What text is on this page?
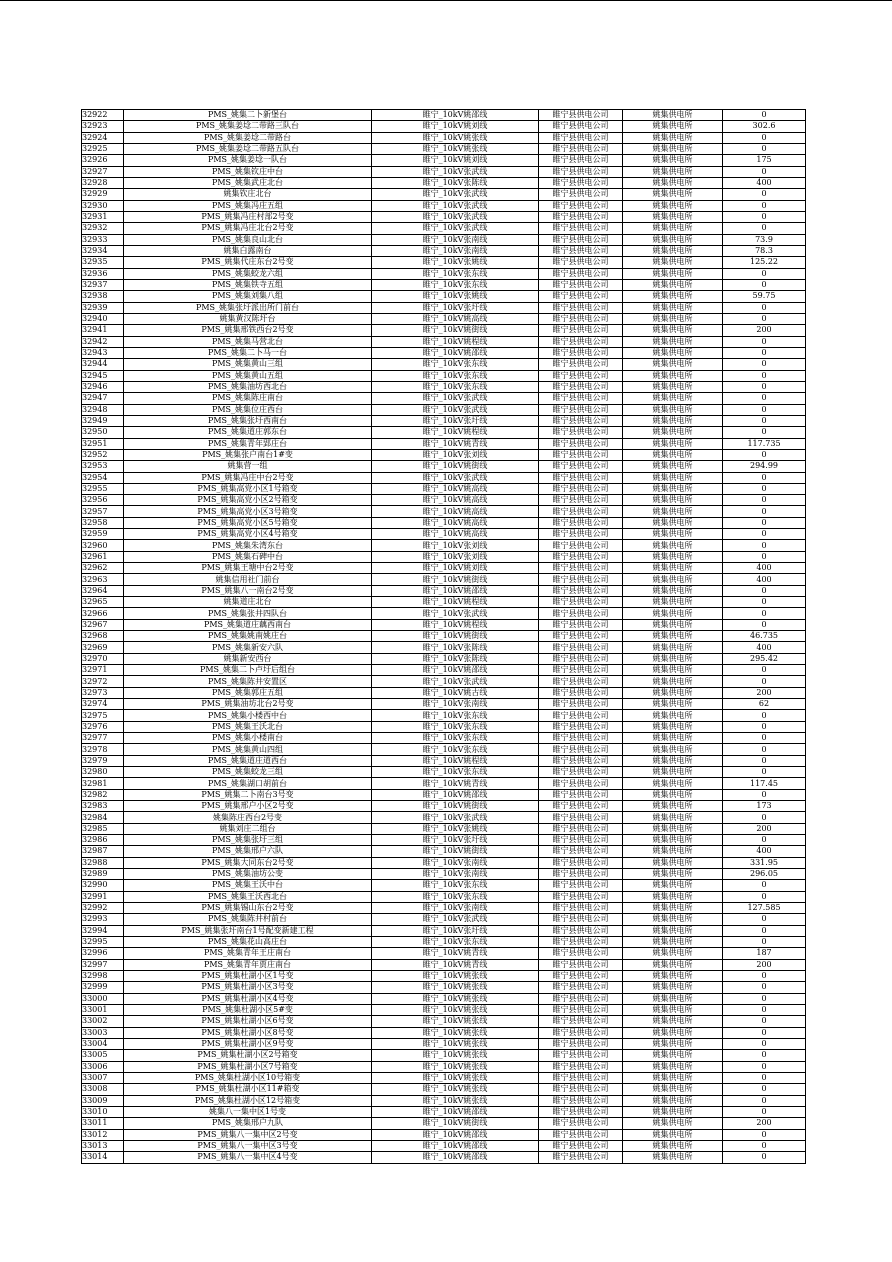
32922	PMS_姚集二卜新堡台	睢宁_10kV姚邵线	睢宁县供电公司	姚集供电所	0
32923	PMS_姚集姜埝二带路三队台	睢宁_10kV姚刘线	睢宁县供电公司	姚集供电所	302.6
32924	PMS_姚集姜埝二带路台	睢宁_10kV姚张线	睢宁县供电公司	姚集供电所	0
32925	PMS_姚集姜埝二带路五队台	睢宁_10kV姚张线	睢宁县供电公司	姚集供电所	0
32926	PMS_姚集姜埝一队台	睢宁_10kV姚刘线	睢宁县供电公司	姚集供电所	175
32927	PMS_姚集钦庄中台	睢宁_10kV张武线	睢宁县供电公司	姚集供电所	0
32928	PMS_姚集武庄北台	睢宁_10kV张陈线	睢宁县供电公司	姚集供电所	400
32929	姚集钦庄北台	睢宁_10kV张武线	睢宁县供电公司	姚集供电所	0
32930	PMS_姚集冯庄五组	睢宁_10kV张武线	睢宁县供电公司	姚集供电所	0
32931	PMS_姚集冯庄村部2号变	睢宁_10kV张武线	睢宁县供电公司	姚集供电所	0
32932	PMS_姚集冯庄北台2号变	睢宁_10kV张武线	睢宁县供电公司	姚集供电所	0
32933	PMS_姚集良山北台	睢宁_10kV张南线	睢宁县供电公司	姚集供电所	73.9
32934	姚集白露南台	睢宁_10kV张南线	睢宁县供电公司	姚集供电所	78.3
32935	PMS_姚集代庄东台2号变	睢宁_10kV张姚线	睢宁县供电公司	姚集供电所	125.22
32936	PMS_姚集蛟龙六组	睢宁_10kV张东线	睢宁县供电公司	姚集供电所	0
32937	PMS_姚集铁寺五组	睢宁_10kV张东线	睢宁县供电公司	姚集供电所	0
32938	PMS_姚集刘集八组	睢宁_10kV张姚线	睢宁县供电公司	姚集供电所	59.75
32939	PMS_姚集张圩派出所门前台	睢宁_10kV张圩线	睢宁县供电公司	姚集供电所	0
32940	姚集黄汉陈圩台	睢宁_10kV姚高线	睢宁县供电公司	姚集供电所	0
32941	PMS_姚集邢铁西台2号变	睢宁_10kV姚街线	睢宁县供电公司	姚集供电所	200
32942	PMS_姚集马营北台	睢宁_10kV姚程线	睢宁县供电公司	姚集供电所	0
32943	PMS_姚集二卜马一台	睢宁_10kV姚邵线	睢宁县供电公司	姚集供电所	0
32944	PMS_姚集黄山三组	睢宁_10kV张东线	睢宁县供电公司	姚集供电所	0
32945	PMS_姚集黄山五组	睢宁_10kV张东线	睢宁县供电公司	姚集供电所	0
32946	PMS_姚集油坊西北台	睢宁_10kV张东线	睢宁县供电公司	姚集供电所	0
32947	PMS_姚集陈庄南台	睢宁_10kV张武线	睢宁县供电公司	姚集供电所	0
32948	PMS_姚集位庄西台	睢宁_10kV张武线	睢宁县供电公司	姚集供电所	0
32949	PMS_姚集张圩西南台	睢宁_10kV张圩线	睢宁县供电公司	姚集供电所	0
32950	PMS_姚集道庄郭东台	睢宁_10kV姚程线	睢宁县供电公司	姚集供电所	0
32951	PMS_姚集青年郢庄台	睢宁_10kV姚青线	睢宁县供电公司	姚集供电所	117.735
32952	PMS_姚集张户南台1#变	睢宁_10kV张刘线	睢宁县供电公司	姚集供电所	0
32953	姚集营一组	睢宁_10kV姚街线	睢宁县供电公司	姚集供电所	294.99
32954	PMS_姚集冯庄中台2号变	睢宁_10kV张武线	睢宁县供电公司	姚集供电所	0
32955	PMS_姚集高党小区1号箱变	睢宁_10kV姚高线	睢宁县供电公司	姚集供电所	0
32956	PMS_姚集高党小区2号箱变	睢宁_10kV姚高线	睢宁县供电公司	姚集供电所	0
32957	PMS_姚集高党小区3号箱变	睢宁_10kV姚高线	睢宁县供电公司	姚集供电所	0
32958	PMS_姚集高党小区5号箱变	睢宁_10kV姚高线	睢宁县供电公司	姚集供电所	0
32959	PMS_姚集高党小区4号箱变	睢宁_10kV姚高线	睢宁县供电公司	姚集供电所	0
32960	PMS_姚集朱湾东台	睢宁_10kV张刘线	睢宁县供电公司	姚集供电所	0
32961	PMS_姚集石碑中台	睢宁_10kV张刘线	睢宁县供电公司	姚集供电所	0
32962	PMS_姚集王塘中台2号变	睢宁_10kV姚刘线	睢宁县供电公司	姚集供电所	400
32963	姚集信用社门前台	睢宁_10kV姚街线	睢宁县供电公司	姚集供电所	400
32964	PMS_姚集八一南台2号变	睢宁_10kV姚邵线	睢宁县供电公司	姚集供电所	0
32965	姚集道庄北台	睢宁_10kV姚程线	睢宁县供电公司	姚集供电所	0
32966	PMS_姚集张井四队台	睢宁_10kV张武线	睢宁县供电公司	姚集供电所	0
32967	PMS_姚集道庄藕西南台	睢宁_10kV姚程线	睢宁县供电公司	姚集供电所	0
32968	PMS_姚集姚南姚庄台	睢宁_10kV姚街线	睢宁县供电公司	姚集供电所	46.735
32969	PMS_姚集新安六队	睢宁_10kV张陈线	睢宁县供电公司	姚集供电所	400
32970	姚集新安西台	睢宁_10kV张陈线	睢宁县供电公司	姚集供电所	295.42
32971	PMS_姚集二卜卢圩后组台	睢宁_10kV姚邵线	睢宁县供电公司	姚集供电所	0
32972	PMS_姚集陈井安置区	睢宁_10kV张武线	睢宁县供电公司	姚集供电所	0
32973	PMS_姚集郭庄五组	睢宁_10kV姚古线	睢宁县供电公司	姚集供电所	200
32974	PMS_姚集油坊北台2号变	睢宁_10kV张南线	睢宁县供电公司	姚集供电所	62
32975	PMS_姚集小楼西中台	睢宁_10kV张东线	睢宁县供电公司	姚集供电所	0
32976	PMS_姚集王沃北台	睢宁_10kV张东线	睢宁县供电公司	姚集供电所	0
32977	PMS_姚集小楼南台	睢宁_10kV张东线	睢宁县供电公司	姚集供电所	0
32978	PMS_姚集黄山四组	睢宁_10kV张东线	睢宁县供电公司	姚集供电所	0
32979	PMS_姚集道庄道西台	睢宁_10kV姚程线	睢宁县供电公司	姚集供电所	0
32980	PMS_姚集蛟龙三组	睢宁_10kV张东线	睢宁县供电公司	姚集供电所	0
32981	PMS_姚集湖口胡前台	睢宁_10kV姚青线	睢宁县供电公司	姚集供电所	117.45
32982	PMS_姚集二卜南台3号变	睢宁_10kV姚邵线	睢宁县供电公司	姚集供电所	0
32983	PMS_姚集邢户小区2号变	睢宁_10kV姚街线	睢宁县供电公司	姚集供电所	173
32984	姚集陈庄西台2号变	睢宁_10kV张武线	睢宁县供电公司	姚集供电所	0
32985	姚集刘庄二组台	睢宁_10kV张姚线	睢宁县供电公司	姚集供电所	200
32986	PMS_姚集张圩三组	睢宁_10kV张圩线	睢宁县供电公司	姚集供电所	0
32987	PMS_姚集邢户六队	睢宁_10kV姚街线	睢宁县供电公司	姚集供电所	400
32988	PMS_姚集大同东台2号变	睢宁_10kV张南线	睢宁县供电公司	姚集供电所	331.95
32989	PMS_姚集油坊公变	睢宁_10kV张南线	睢宁县供电公司	姚集供电所	296.05
32990	PMS_姚集王沃中台	睢宁_10kV张东线	睢宁县供电公司	姚集供电所	0
32991	PMS_姚集王沃西北台	睢宁_10kV张东线	睢宁县供电公司	姚集供电所	0
32992	PMS_姚集锡山东台2号变	睢宁_10kV张南线	睢宁县供电公司	姚集供电所	127.585
32993	PMS_姚集陈井村前台	睢宁_10kV张武线	睢宁县供电公司	姚集供电所	0
32994	PMS_姚集张圩南台1号配变新建工程	睢宁_10kV张圩线	睢宁县供电公司	姚集供电所	0
32995	PMS_姚集花山高庄台	睢宁_10kV张东线	睢宁县供电公司	姚集供电所	0
32996	PMS_姚集青年王庄南台	睢宁_10kV姚青线	睢宁县供电公司	姚集供电所	187
32997	PMS_姚集青年贾庄南台	睢宁_10kV姚青线	睢宁县供电公司	姚集供电所	200
32998	PMS_姚集杜湖小区1号变	睢宁_10kV姚张线	睢宁县供电公司	姚集供电所	0
32999	PMS_姚集杜湖小区3号变	睢宁_10kV姚张线	睢宁县供电公司	姚集供电所	0
33000	PMS_姚集杜湖小区4号变	睢宁_10kV姚张线	睢宁县供电公司	姚集供电所	0
33001	PMS_姚集杜湖小区5#变	睢宁_10kV姚张线	睢宁县供电公司	姚集供电所	0
33002	PMS_姚集杜湖小区6号变	睢宁_10kV姚张线	睢宁县供电公司	姚集供电所	0
33003	PMS_姚集杜湖小区8号变	睢宁_10kV姚张线	睢宁县供电公司	姚集供电所	0
33004	PMS_姚集杜湖小区9号变	睢宁_10kV姚张线	睢宁县供电公司	姚集供电所	0
33005	PMS_姚集杜湖小区2号箱变	睢宁_10kV姚张线	睢宁县供电公司	姚集供电所	0
33006	PMS_姚集杜湖小区7号箱变	睢宁_10kV姚张线	睢宁县供电公司	姚集供电所	0
33007	PMS_姚集杜湖小区10号箱变	睢宁_10kV姚张线	睢宁县供电公司	姚集供电所	0
33008	PMS_姚集杜湖小区11#箱变	睢宁_10kV姚张线	睢宁县供电公司	姚集供电所	0
33009	PMS_姚集杜湖小区12号箱变	睢宁_10kV姚张线	睢宁县供电公司	姚集供电所	0
33010	姚集八一集中区1号变	睢宁_10kV姚邵线	睢宁县供电公司	姚集供电所	0
33011	PMS_姚集邢户九队	睢宁_10kV姚街线	睢宁县供电公司	姚集供电所	200
33012	PMS_姚集八一集中区2号变	睢宁_10kV姚邵线	睢宁县供电公司	姚集供电所	0
33013	PMS_姚集八一集中区3号变	睢宁_10kV姚邵线	睢宁县供电公司	姚集供电所	0
33014	PMS_姚集八一集中区4号变	睢宁_10kV姚邵线	睢宁县供电公司	姚集供电所	0
